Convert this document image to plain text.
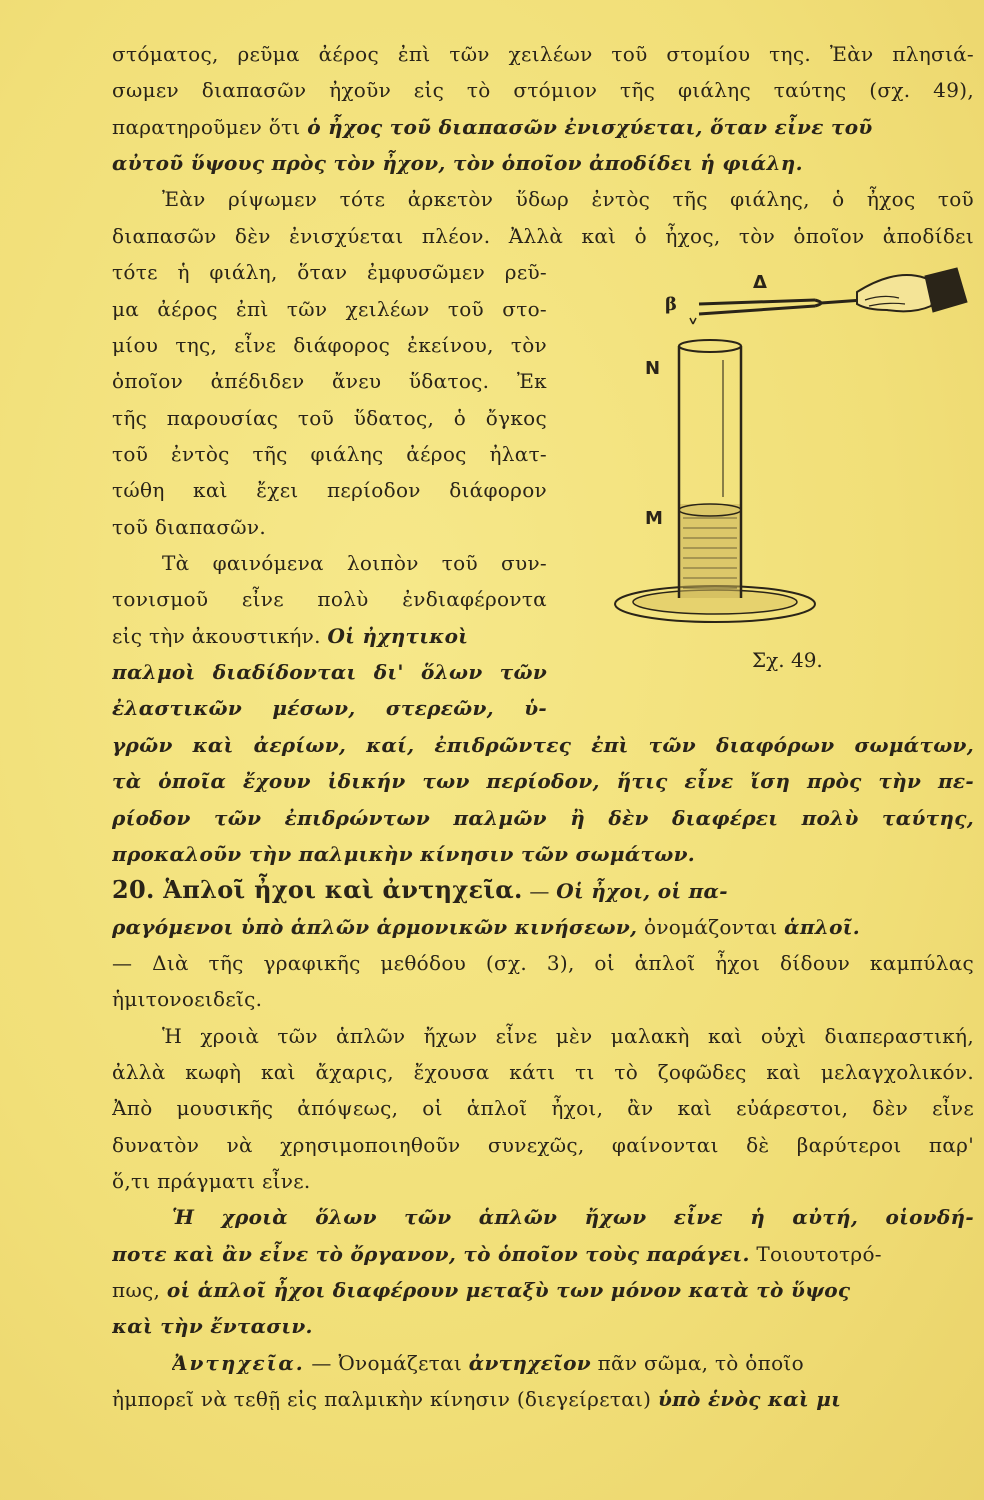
στόματος, ρεῦμα ἀέρος ἐπὶ τῶν χειλέων τοῦ στομίου της. Ἐὰν πλησιά-
σωμεν διαπασῶν ἠχοῦν εἰς τὸ στόμιον τῆς φιάλης ταύτης (σχ. 49),
παρατηροῦμεν ὅτι ὁ ἦχος τοῦ διαπασῶν ἐνισχύεται, ὅταν εἶνε τοῦ
αὐτοῦ ὕψους πρὸς τὸν ἦχον, τὸν ὁποῖον ἀποδίδει ἡ φιάλη.
Ἐὰν ρίψωμεν τότε ἀρκετὸν ὕδωρ ἐντὸς τῆς φιάλης, ὁ ἦχος τοῦ
διαπασῶν δὲν ἐνισχύεται πλέον. Ἀλλὰ καὶ ὁ ἦχος, τὸν ὁποῖον ἀποδίδει
τότε ἡ φιάλη, ὅταν ἐμφυσῶμεν ρεῦ-
μα ἀέρος ἐπὶ τῶν χειλέων τοῦ στο-
μίου της, εἶνε διάφορος ἐκείνου, τὸν
ὁποῖον ἀπέδιδεν ἄνευ ὕδατος. Ἐκ
τῆς παρουσίας τοῦ ὕδατος, ὁ ὄγκος
τοῦ ἐντὸς τῆς φιάλης ἀέρος ἠλατ-
τώθη καὶ ἔχει περίοδον διάφορον
τοῦ διαπασῶν.
Τὰ φαινόμενα λοιπὸν τοῦ συν-
τονισμοῦ εἶνε πολὺ ἐνδιαφέροντα
εἰς τὴν ἀκουστικήν. Οἱ ἠχητικοὶ
παλμοὶ διαδίδονται δι' ὅλων τῶν
ἐλαστικῶν μέσων, στερεῶν, ὑ-
γρῶν καὶ ἀερίων, καί, ἐπιδρῶντες ἐπὶ τῶν διαφόρων σωμάτων,
τὰ ὁποῖα ἔχουν ἰδικήν των περίοδον, ἥτις εἶνε ἴση πρὸς τὴν πε-
ρίοδον τῶν ἐπιδρώντων παλμῶν ἢ δὲν διαφέρει πολὺ ταύτης,
προκαλοῦν τὴν παλμικὴν κίνησιν τῶν σωμάτων.
20. Ἁπλοῖ ἦχοι καὶ ἀντηχεῖα. — Οἱ ἦχοι, οἱ πα-
ραγόμενοι ὑπὸ ἁπλῶν ἁρμονικῶν κινήσεων, ὀνομάζονται ἁπλοῖ.
— Διὰ τῆς γραφικῆς μεθόδου (σχ. 3), οἱ ἁπλοῖ ἦχοι δίδουν καμπύλας
ἡμιτονοειδεῖς.
Ἡ χροιὰ τῶν ἁπλῶν ἤχων εἶνε μὲν μαλακὴ καὶ οὐχὶ διαπεραστική,
ἀλλὰ κωφὴ καὶ ἄχαρις, ἔχουσα κάτι τι τὸ ζοφῶδες καὶ μελαγχολικόν.
Ἀπὸ μουσικῆς ἀπόψεως, οἱ ἁπλοῖ ἦχοι, ἂν καὶ εὐάρεστοι, δὲν εἶνε
δυνατὸν νὰ χρησιμοποιηθοῦν συνεχῶς, φαίνονται δὲ βαρύτεροι παρ'
ὅ,τι πράγματι εἶνε.
Ἡ χροιὰ ὅλων τῶν ἁπλῶν ἤχων εἶνε ἡ αὐτή, οἱονδή-
ποτε καὶ ἂν εἶνε τὸ ὄργανον, τὸ ὁποῖον τοὺς παράγει. Τοιουτοτρό-
πως, οἱ ἁπλοῖ ἦχοι διαφέρουν μεταξὺ των μόνον κατὰ τὸ ὕψος
καὶ τὴν ἔντασιν.
Ἀντηχεῖα. — Ὀνομάζεται ἀντηχεῖον πᾶν σῶμα, τὸ ὁποῖο
ἠμπορεῖ νὰ τεθῇ εἰς παλμικὴν κίνησιν (διεγείρεται) ὑπὸ ἑνὸς καὶ μι
Δ
β
N
M
Σχ. 49.
